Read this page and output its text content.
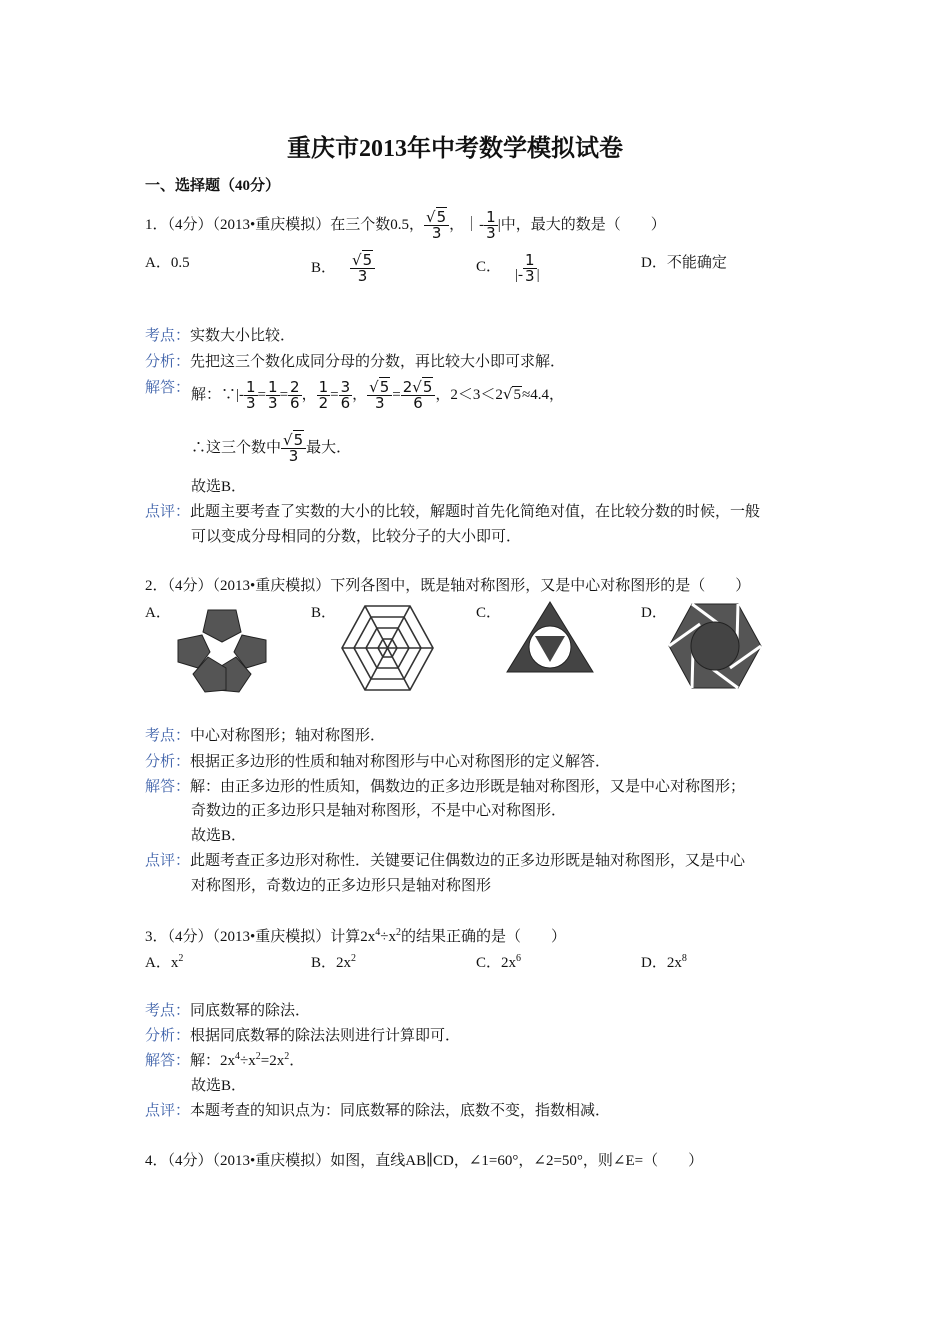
重庆市2013年中考数学模拟试卷
一、选择题（40分）
1．（4分）（2013•重庆模拟）在三个数0.5， $\frac{√5}{3}$ ，｜- $\frac{1}{3}$ |中，最大的数是（　　）
A．0.5	B． $\frac{√5}{3}$	C． |- $\frac{1}{3}$ |
D．不能确定
考点：实数大小比较．
分析：先把这三个数化成同分母的分数，再比较大小即可求解．
解答： 解：∵|- $\frac{1}{3} = \frac{1}{3} = \frac{2}{6}$ ， $\frac{1}{2} = \frac{3}{6}$ ， $\frac{√5}{3} = \frac{2√5}{6}$ ，2＜3＜2√5≈4.4，
∴这三个数中 $\frac{√5}{3}$ 最大．
故选B．
点评：此题主要考查了实数的大小的比较，解题时首先化简绝对值，在比较分数的时候，一般
可以变成分母相同的分数，比较分子的大小即可．
2．（4分）（2013•重庆模拟）下列各图中，既是轴对称图形，又是中心对称图形的是（　　）
A．	B．	C．	D．
考点：中心对称图形；轴对称图形．
分析：根据正多边形的性质和轴对称图形与中心对称图形的定义解答．
解答：解：由正多边形的性质知，偶数边的正多边形既是轴对称图形，又是中心对称图形；
奇数边的正多边形只是轴对称图形，不是中心对称图形．
故选B．
点评：此题考查正多边形对称性．关键要记住偶数边的正多边形既是轴对称图形，又是中心
对称图形，奇数边的正多边形只是轴对称图形
3．（4分）（2013•重庆模拟）计算$2x^4\div x^2$的结果正确的是（　　）
A．$x^2$	B．$2x^2$	C．$2x^6$	D．$2x^8$
考点：同底数幂的除法．
分析：根据同底数幂的除法法则进行计算即可．
解答：解：$2x^4\div x^2=2x^2$．
故选B．
点评：本题考查的知识点为：同底数幂的除法，底数不变，指数相减．
4．（4分）（2013•重庆模拟）如图，直线AB∥CD，∠1=60°，∠2=50°，则∠E=（　　）
